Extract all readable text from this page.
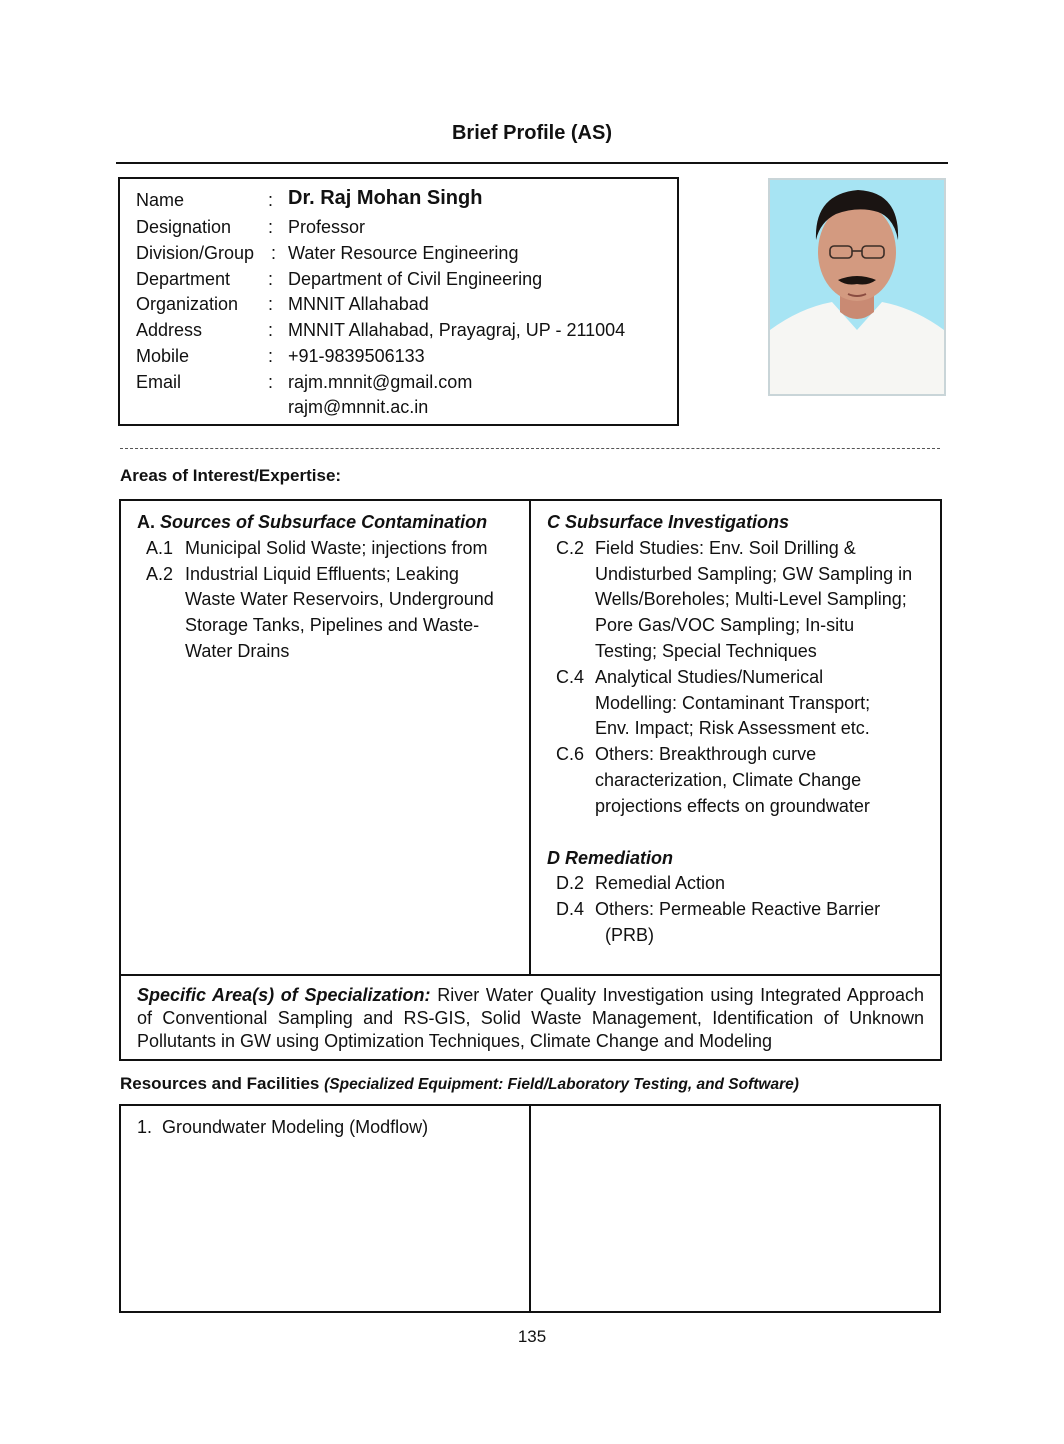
Brief Profile (AS)
Name	: Dr. Raj Mohan Singh
Designation : Professor
Division/Group : Water Resource Engineering
Department : Department of Civil Engineering
Organization : MNNIT Allahabad
Address	: MNNIT Allahabad, Prayagraj, UP - 211004
Mobile	: +91-9839506133
Email	: rajm.mnnit@gmail.com
rajm@mnnit.ac.in
Areas of Interest/Expertise:
A. Sources of Subsurface Contamination
A.1 Municipal Solid Waste; injections from
A.2 Industrial Liquid Effluents; Leaking
Waste Water Reservoirs, Underground
Storage Tanks, Pipelines and Waste-
Water Drains
C Subsurface Investigations
C.2 Field Studies: Env. Soil Drilling &
Undisturbed Sampling; GW Sampling in
Wells/Boreholes; Multi-Level Sampling;
Pore Gas/VOC Sampling; In-situ
Testing; Special Techniques
C.4 Analytical Studies/Numerical
Modelling: Contaminant Transport;
Env. Impact; Risk Assessment etc.
C.6 Others: Breakthrough curve
characterization, Climate Change
projections effects on groundwater
D Remediation
D.2 Remedial Action
D.4 Others: Permeable Reactive Barrier
(PRB)
Specific Area(s) of Specialization: River Water Quality Investigation using Integrated Approach of Conventional Sampling and RS-GIS, Solid Waste Management, Identification of Unknown Pollutants in GW using Optimization Techniques, Climate Change and Modeling
Resources and Facilities (Specialized Equipment: Field/Laboratory Testing, and Software)
1.  Groundwater Modeling (Modflow)
135
